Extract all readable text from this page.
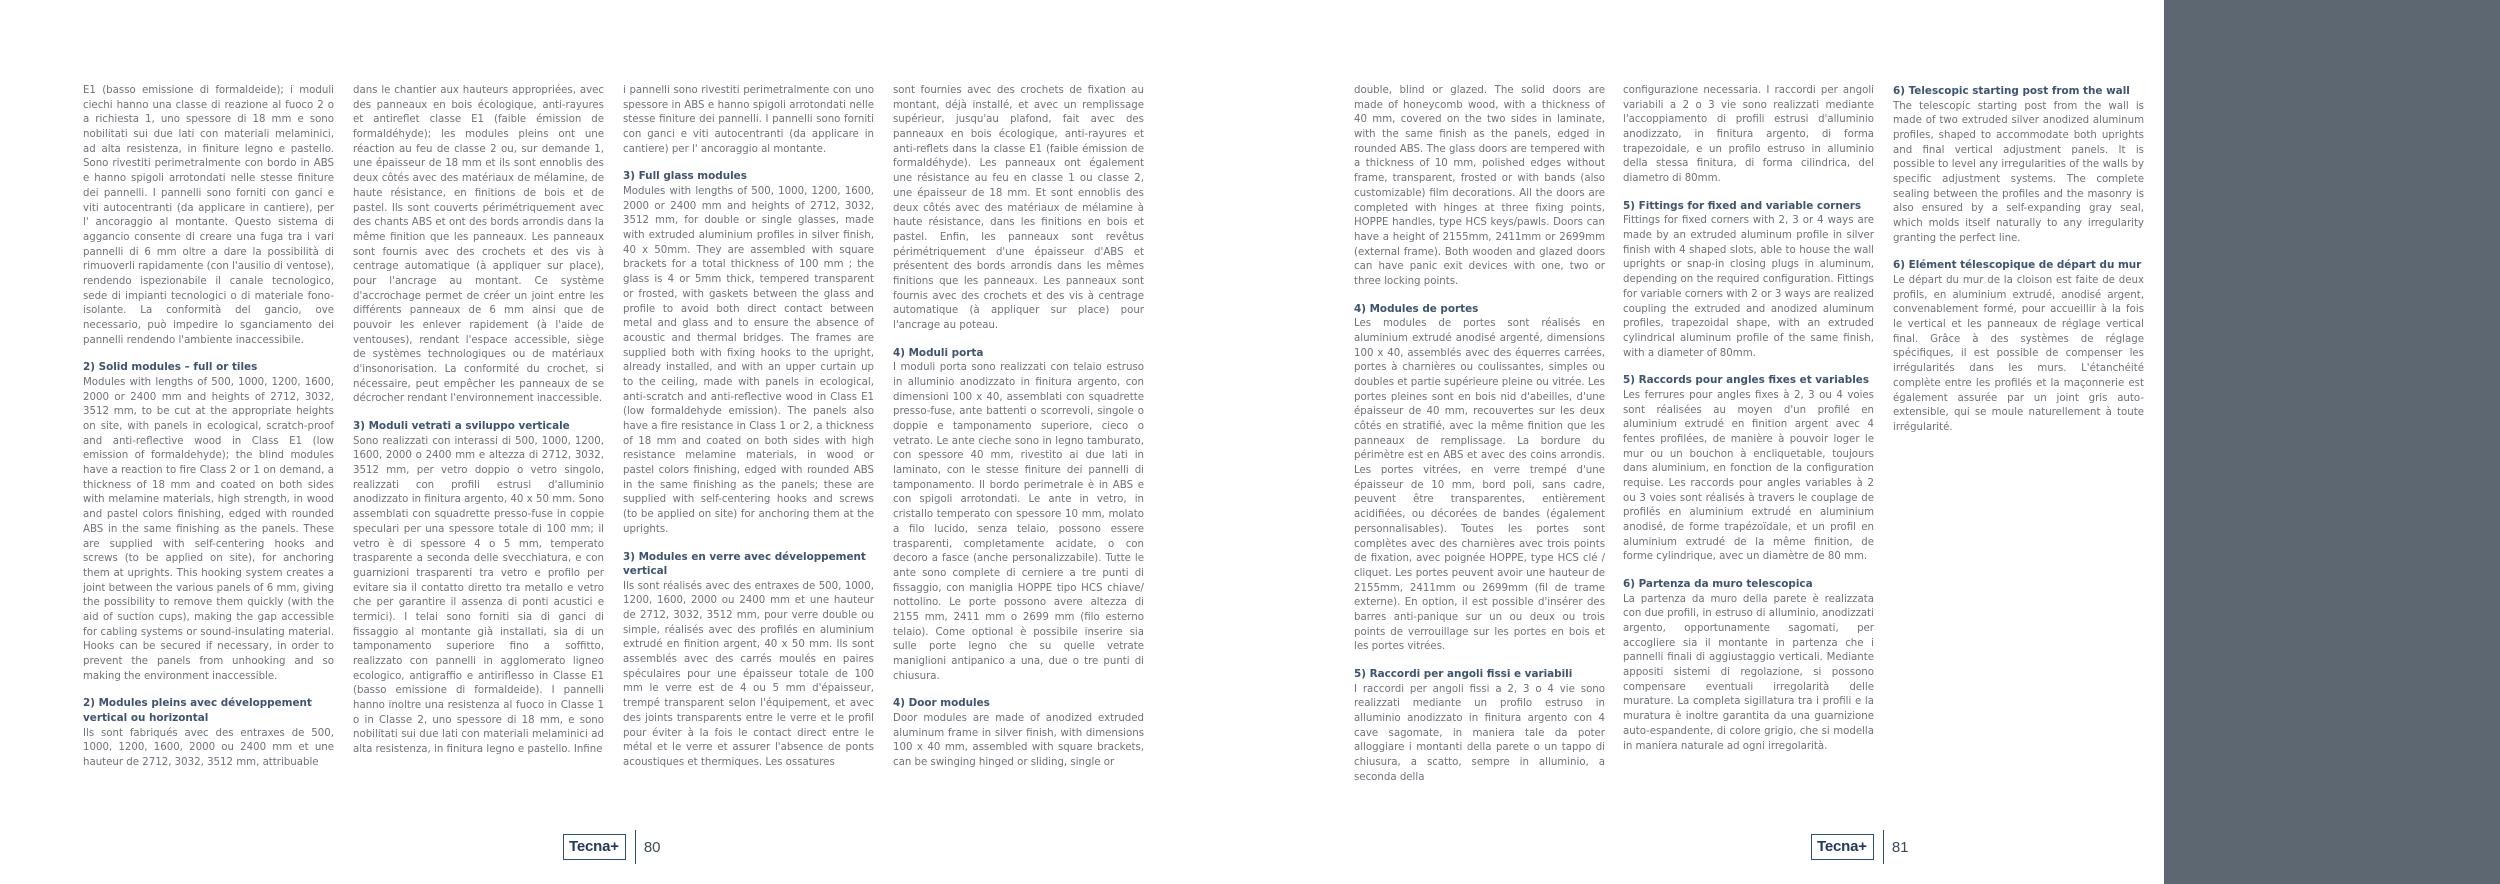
E1 (basso emissione di formaldeide); i moduli ciechi hanno una classe di reazione al fuoco 2 o a richiesta 1, uno spessore di 18 mm e sono nobilitati sui due lati con materiali melaminici, ad alta resistenza, in finiture legno e pastello. Sono rivestiti perimetralmente con bordo in ABS e hanno spigoli arrotondati nelle stesse finiture dei pannelli. I pannelli sono forniti con ganci e viti autocentranti (da applicare in cantiere), per l' ancoraggio al montante. Questo sistema di aggancio consente di creare una fuga tra i vari pannelli di 6 mm oltre a dare la possibilità di rimuoverli rapidamente (con l'ausilio di ventose), rendendo ispezionabile il canale tecnologico, sede di impianti tecnologici o di materiale fono-isolante. La conformità del gancio, ove necessario, può impedire lo sganciamento dei pannelli rendendo l'ambiente inaccessibile.

2) Solid modules – full or tiles

Modules with lengths of 500, 1000, 1200, 1600, 2000 or 2400 mm and heights of 2712, 3032, 3512 mm, to be cut at the appropriate heights on site, with panels in ecological, scratch-proof and anti-reflective wood in Class E1 (low emission of formaldehyde); the blind modules have a reaction to fire Class 2 or 1 on demand, a thickness of 18 mm and coated on both sides with melamine materials, high strength, in wood and pastel colors finishing, edged with rounded ABS in the same finishing as the panels. These are supplied with self-centering hooks and screws (to be applied on site), for anchoring them at uprights. This hooking system creates a joint between the various panels of 6 mm, giving the possibility to remove them quickly (with the aid of suction cups), making the gap accessible for cabling systems or sound-insulating material. Hooks can be secured if necessary, in order to prevent the panels from unhooking and so making the environment inaccessible.

2) Modules pleins avec développement vertical ou horizontal

Ils sont fabriqués avec des entraxes de 500, 1000, 1200, 1600, 2000 ou 2400 mm et une hauteur de 2712, 3032, 3512 mm, attribuable

dans le chantier aux hauteurs appropriées, avec des panneaux en bois écologique, anti-rayures et antireflet classe E1 (faible émission de formaldéhyde); les modules pleins ont une réaction au feu de classe 2 ou, sur demande 1, une épaisseur de 18 mm et ils sont ennoblis des deux côtés avec des matériaux de mélamine, de haute résistance, en finitions de bois et de pastel. Ils sont couverts périmétriquement avec des chants ABS et ont des bords arrondis dans la même finition que les panneaux. Les panneaux sont fournis avec des crochets et des vis à centrage automatique (à appliquer sur place), pour l'ancrage au montant. Ce système d'accrochage permet de créer un joint entre les différents panneaux de 6 mm ainsi que de pouvoir les enlever rapidement (à l'aide de ventouses), rendant l'espace accessible, siège de systèmes technologiques ou de matériaux d'insonorisation. La conformité du crochet, si nécessaire, peut empêcher les panneaux de se décrocher rendant l'environnement inaccessible.

3) Moduli vetrati a sviluppo verticale

Sono realizzati con interassi di 500, 1000, 1200, 1600, 2000 o 2400 mm e altezza di 2712, 3032, 3512 mm, per vetro doppio o vetro singolo, realizzati con profili estrusi d'alluminio anodizzato in finitura argento, 40 x 50 mm. Sono assemblati con squadrette presso-fuse in coppie speculari per una spessore totale di 100 mm; il vetro è di spessore 4 o 5 mm, temperato trasparente a seconda delle svecchiatura, e con guarnizioni trasparenti tra vetro e profilo per evitare sia il contatto diretto tra metallo e vetro che per garantire il assenza di ponti acustici e termici). I telai sono forniti sia di ganci di fissaggio al montante già installati, sia di un tamponamento superiore fino a soffitto, realizzato con pannelli in agglomerato ligneo ecologico, antigraffio e antiriflesso in Classe E1 (basso emissione di formaldeide). I pannelli hanno inoltre una resistenza al fuoco in Classe 1 o in Classe 2, uno spessore di 18 mm, e sono nobilitati sui due lati con materiali melaminici ad alta resistenza, in finitura legno e pastello. Infine

i pannelli sono rivestiti perimetralmente con uno spessore in ABS e hanno spigoli arrotondati nelle stesse finiture dei pannelli. I pannelli sono forniti con ganci e viti autocentranti (da applicare in cantiere) per l' ancoraggio al montante.

3) Full glass modules

Modules with lengths of 500, 1000, 1200, 1600, 2000 or 2400 mm and heights of 2712, 3032, 3512 mm, for double or single glasses, made with extruded aluminium profiles in silver finish, 40 x 50mm. They are assembled with square brackets for a total thickness of 100 mm ; the glass is 4 or 5mm thick, tempered transparent or frosted, with gaskets between the glass and profile to avoid both direct contact between metal and glass and to ensure the absence of acoustic and thermal bridges. The frames are supplied both with fixing hooks to the upright, already installed, and with an upper curtain up to the ceiling, made with panels in ecological, anti-scratch and anti-reflective wood in Class E1 (low formaldehyde emission). The panels also have a fire resistance in Class 1 or 2, a thickness of 18 mm and coated on both sides with high resistance melamine materials, in wood or pastel colors finishing, edged with rounded ABS in the same finishing as the panels; these are supplied with self-centering hooks and screws (to be applied on site) for anchoring them at the uprights.

3) Modules en verre avec développement vertical

Ils sont réalisés avec des entraxes de 500, 1000, 1200, 1600, 2000 ou 2400 mm et une hauteur de 2712, 3032, 3512 mm, pour verre double ou simple, réalisés avec des profilés en aluminium extrudé en finition argent, 40 x 50 mm. Ils sont assemblés avec des carrés moulés en paires spéculaires pour une épaisseur totale de 100 mm le verre est de 4 ou 5 mm d'épaisseur, trempé transparent selon l'équipement, et avec des joints transparents entre le verre et le profil pour éviter à la fois le contact direct entre le métal et le verre et assurer l'absence de ponts acoustiques et thermiques. Les ossatures

sont fournies avec des crochets de fixation au montant, déjà installé, et avec un remplissage supérieur, jusqu'au plafond, fait avec des panneaux en bois écologique, anti-rayures et anti-reflets dans la classe E1 (faible émission de formaldéhyde). Les panneaux ont également une résistance au feu en classe 1 ou classe 2, une épaisseur de 18 mm. Et sont ennoblis des deux côtés avec des matériaux de mélamine à haute résistance, dans les finitions en bois et pastel. Enfin, les panneaux sont revêtus périmétriquement d'une épaisseur d'ABS et présentent des bords arrondis dans les mêmes finitions que les panneaux. Les panneaux sont fournis avec des crochets et des vis à centrage automatique (à appliquer sur place) pour l'ancrage au poteau.

4) Moduli porta

I moduli porta sono realizzati con telaio estruso in alluminio anodizzato in finitura argento, con dimensioni 100 x 40, assemblati con squadrette presso-fuse, ante battenti o scorrevoli, singole o doppie e tamponamento superiore, cieco o vetrato. Le ante cieche sono in legno tamburato, con spessore 40 mm, rivestito ai due lati in laminato, con le stesse finiture dei pannelli di tamponamento. Il bordo perimetrale è in ABS e con spigoli arrotondati. Le ante in vetro, in cristallo temperato con spessore 10 mm, molato a filo lucido, senza telaio, possono essere trasparenti, completamente acidate, o con decoro a fasce (anche personalizzabile). Tutte le ante sono complete di cerniere a tre punti di fissaggio, con maniglia HOPPE tipo HCS chiave/ nottolino. Le porte possono avere altezza di 2155 mm, 2411 mm o 2699 mm (filo esterno telaio). Come optional è possibile inserire sia sulle porte legno che su quelle vetrate maniglioni antipanico a una, due o tre punti di chiusura.

4) Door modules

Door modules are made of anodized extruded aluminum frame in silver finish, with dimensions 100 x 40 mm, assembled with square brackets, can be swinging hinged or sliding, single or

Tecna+	80

double, blind or glazed. The solid doors are made of honeycomb wood, with a thickness of 40 mm, covered on the two sides in laminate, with the same finish as the panels, edged in rounded ABS. The glass doors are tempered with a thickness of 10 mm, polished edges without frame, transparent, frosted or with bands (also customizable) film decorations. All the doors are completed with hinges at three fixing points, HOPPE handles, type HCS keys/pawls. Doors can have a height of 2155mm, 2411mm or 2699mm (external frame). Both wooden and glazed doors can have panic exit devices with one, two or three locking points.

4) Modules de portes

Les modules de portes sont réalisés en aluminium extrudé anodisé argenté, dimensions 100 x 40, assemblés avec des équerres carrées, portes à charnières ou coulissantes, simples ou doubles et partie supérieure pleine ou vitrée. Les portes pleines sont en bois nid d'abeilles, d'une épaisseur de 40 mm, recouvertes sur les deux côtés en stratifié, avec la même finition que les panneaux de remplissage. La bordure du périmètre est en ABS et avec des coins arrondis. Les portes vitrées, en verre trempé d'une épaisseur de 10 mm, bord poli, sans cadre, peuvent être transparentes, entièrement acidifiées, ou décorées de bandes (également personnalisables). Toutes les portes sont complètes avec des charnières avec trois points de fixation, avec poignée HOPPE, type HCS clé / cliquet. Les portes peuvent avoir une hauteur de 2155mm, 2411mm ou 2699mm (fil de trame externe). En option, il est possible d'insérer des barres anti-panique sur un ou deux ou trois points de verrouillage sur les portes en bois et les portes vitrées.

5) Raccordi per angoli fissi e variabili

I raccordi per angoli fissi a 2, 3 o 4 vie sono realizzati mediante un profilo estruso in alluminio anodizzato in finitura argento con 4 cave sagomate, in maniera tale da poter alloggiare i montanti della parete o un tappo di chiusura, a scatto, sempre in alluminio, a seconda della

configurazione necessaria. I raccordi per angoli variabili a 2 o 3 vie sono realizzati mediante l'accoppiamento di profili estrusi d'alluminio anodizzato, in finitura argento, di forma trapezoidale, e un profilo estruso in alluminio della stessa finitura, di forma cilindrica, del diametro di 80mm.

5) Fittings for fixed and variable corners

Fittings for fixed corners with 2, 3 or 4 ways are made by an extruded aluminum profile in silver finish with 4 shaped slots, able to house the wall uprights or snap-in closing plugs in aluminum, depending on the required configuration. Fittings for variable corners with 2 or 3 ways are realized coupling the extruded and anodized aluminum profiles, trapezoidal shape, with an extruded cylindrical aluminum profile of the same finish, with a diameter of 80mm.

5) Raccords pour angles fixes et variables

Les ferrures pour angles fixes à 2, 3 ou 4 voies sont réalisées au moyen d'un profilé en aluminium extrudé en finition argent avec 4 fentes profilées, de manière à pouvoir loger le mur ou un bouchon à encliquetable, toujours dans aluminium, en fonction de la configuration requise. Les raccords pour angles variables à 2 ou 3 voies sont réalisés à travers le couplage de profilés en aluminium extrudé en aluminium anodisé, de forme trapézoïdale, et un profil en aluminium extrudé de la même finition, de forme cylindrique, avec un diamètre de 80 mm.

6) Partenza da muro telescopica

La partenza da muro della parete è realizzata con due profili, in estruso di alluminio, anodizzati argento, opportunamente sagomati, per accogliere sia il montante in partenza che i pannelli finali di aggiustaggio verticali. Mediante appositi sistemi di regolazione, si possono compensare eventuali irregolarità delle murature. La completa sigillatura tra i profili e la muratura è inoltre garantita da una guarnizione auto-espandente, di colore grigio, che si modella in maniera naturale ad ogni irregolarità.

6) Telescopic starting post from the wall

The telescopic starting post from the wall is made of two extruded silver anodized aluminum profiles, shaped to accommodate both uprights and final vertical adjustment panels. It is possible to level any irregularities of the walls by specific adjustment systems. The complete sealing between the profiles and the masonry is also ensured by a self-expanding gray seal, which molds itself naturally to any irregularity granting the perfect line.

6) Elément télescopique de départ du mur

Le départ du mur de la cloison est faite de deux profils, en aluminium extrudé, anodisé argent, convenablement formé, pour accueillir à la fois le vertical et les panneaux de réglage vertical final. Grâce à des systèmes de réglage spécifiques, il est possible de compenser les irrégularités dans les murs. L'étanchéité complète entre les profilés et la maçonnerie est également assurée par un joint gris auto-extensible, qui se moule naturellement à toute irrégularité.

Tecna+	81
